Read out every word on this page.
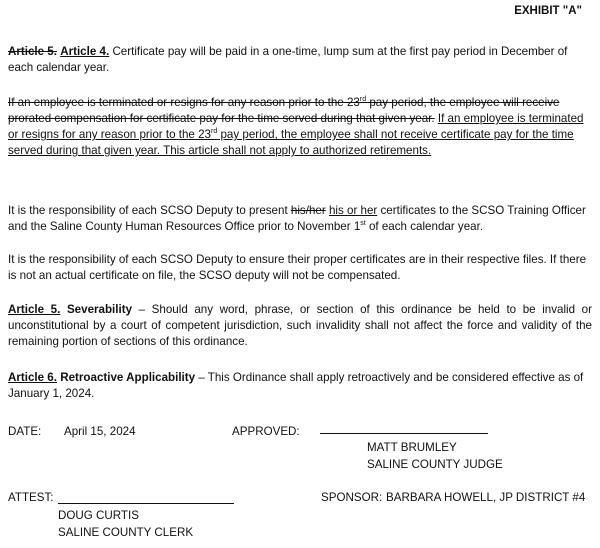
EXHIBIT "A"

Article 5. Article 4. Certificate pay will be paid in a one-time, lump sum at the first pay period in December of each calendar year.

If an employee is terminated or resigns for any reason prior to the 23rd pay period, the employee will receive prorated compensation for certificate pay for the time served during that given year. If an employee is terminated or resigns for any reason prior to the 23rd pay period, the employee shall not receive certificate pay for the time served during that given year. This article shall not apply to authorized retirements.

It is the responsibility of each SCSO Deputy to present his/her his or her certificates to the SCSO Training Officer and the Saline County Human Resources Office prior to November 1st of each calendar year.

It is the responsibility of each SCSO Deputy to ensure their proper certificates are in their respective files. If there is not an actual certificate on file, the SCSO deputy will not be compensated.

Article 5. Severability – Should any word, phrase, or section of this ordinance be held to be invalid or unconstitutional by a court of competent jurisdiction, such invalidity shall not affect the force and validity of the remaining portion of sections of this ordinance.

Article 6. Retroactive Applicability – This Ordinance shall apply retroactively and be considered effective as of January 1, 2024.

DATE: April 15, 2024	APPROVED:
MATT BRUMLEY
SALINE COUNTY JUDGE
ATTEST:
DOUG CURTIS
SALINE COUNTY CLERK
SPONSOR: BARBARA HOWELL, JP DISTRICT #4
